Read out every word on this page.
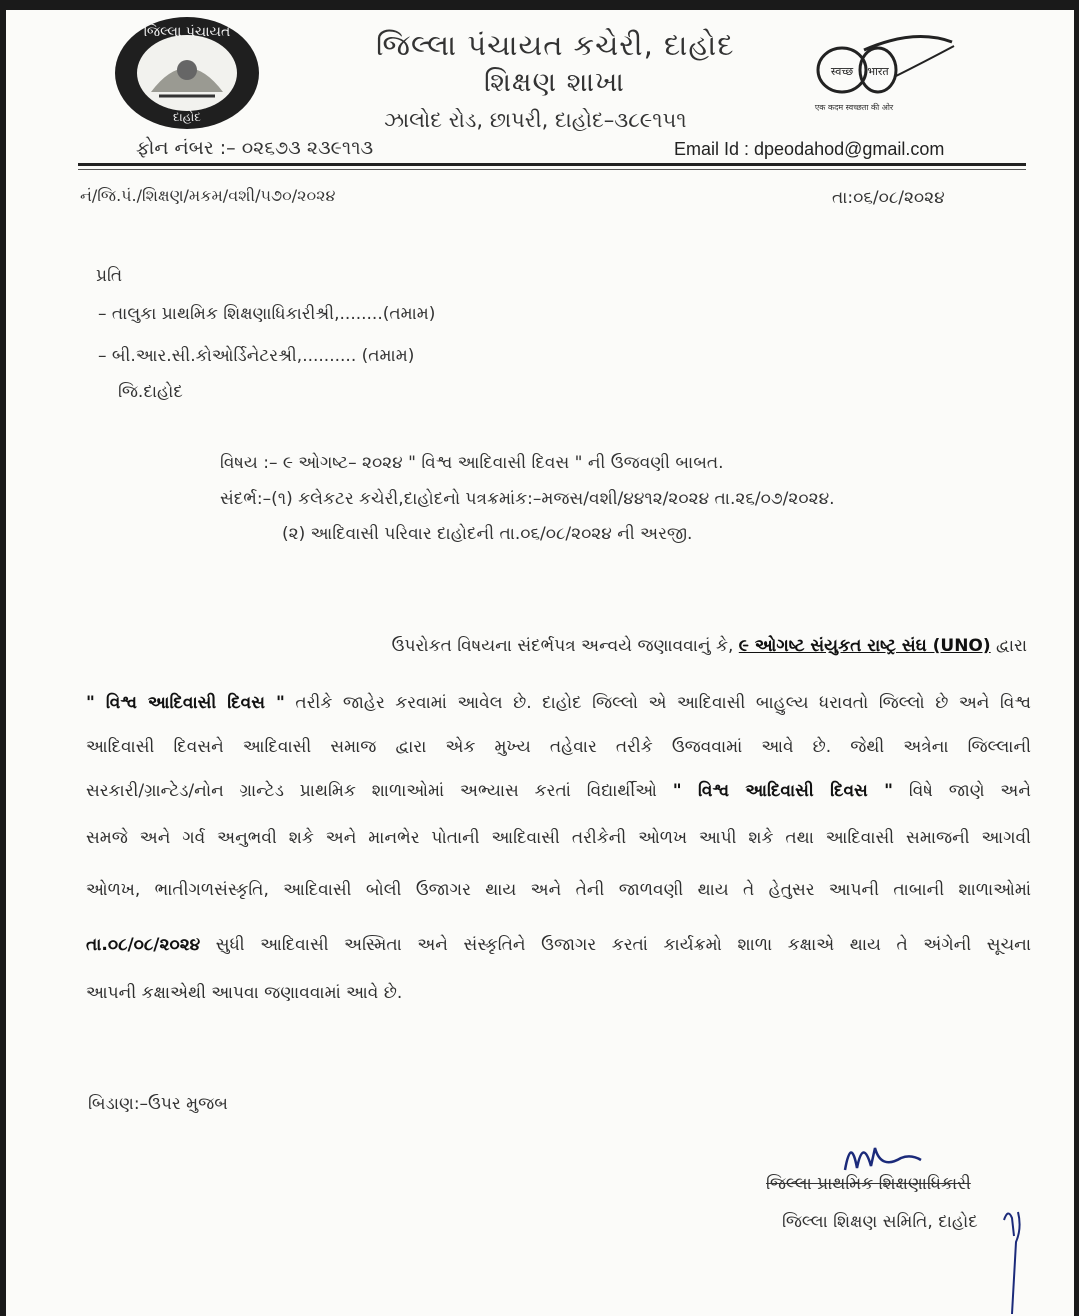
જિલ્લા પંચાયત
દાહોદ
જિલ્લા પંચાયત કચેરી, દાહોદ
શિક્ષણ શાખા
ઝાલોદ રોડ, છાપરી, દાહોદ–૩૮૯૧૫૧
स्वच्छ भारत
एक कदम स्वच्छता की ओर
ફોન નંબર :– ૦૨૬૭૩ ૨૩૯૧૧૩	Email Id : dpeodahod@gmail.com
નં/જિ.પં./શિક્ષણ/મકમ/વશી/૫૭૦/૨૦૨૪	તા:૦૬/૦૮/૨૦૨૪
પ્રતિ
– તાલુકા પ્રાથમિક શિક્ષણાધિકારીશ્રી,........(તમામ)
– બી.આર.સી.કોઓર્ડિનેટરશ્રી,.......... (તમામ)
જિ.દાહોદ
વિષય :– ૯ ઓગષ્ટ– ૨૦૨૪ " વિશ્વ આદિવાસી દિવસ " ની ઉજવણી બાબત.
સંદર્ભ:–(૧) કલેકટર કચેરી,દાહોદનો પત્રક્રમાંક:–મજસ/વશી/૪૪૧૨/૨૦૨૪ તા.૨૬/૦૭/૨૦૨૪.
(૨) આદિવાસી પરિવાર દાહોદની તા.૦૬/૦૮/૨૦૨૪ ની અરજી.
ઉપરોકત વિષયના સંદર્ભપત્ર અન્વયે જણાવવાનું કે, ૯ ઓગષ્ટ સંયુકત રાષ્ટ્ર સંઘ (UNO) દ્વારા
" વિશ્વ આદિવાસી દિવસ " તરીકે જાહેર કરવામાં આવેલ છે. દાહોદ જિલ્લો એ આદિવાસી બાહુલ્ય ધરાવતો જિલ્લો છે અને વિશ્વ
આદિવાસી દિવસને આદિવાસી સમાજ દ્વારા એક મુખ્ય તહેવાર તરીકે ઉજવવામાં આવે છે. જેથી અત્રેના જિલ્લાની
સરકારી/ગ્રાન્ટેડ/નોન ગ્રાન્ટેડ પ્રાથમિક શાળાઓમાં અભ્યાસ કરતાં વિદ્યાર્થીઓ " વિશ્વ આદિવાસી દિવસ " વિષે જાણે અને
સમજે અને ગર્વ અનુભવી શકે અને માનભેર પોતાની આદિવાસી તરીકેની ઓળખ આપી શકે તથા આદિવાસી સમાજની આગવી
ઓળખ, ભાતીગળસંસ્કૃતિ, આદિવાસી બોલી ઉજાગર થાય અને તેની જાળવણી થાય તે હેતુસર આપની તાબાની શાળાઓમાં
તા.૦૮/૦૮/૨૦૨૪ સુધી આદિવાસી અસ્મિતા અને સંસ્કૃતિને ઉજાગર કરતાં કાર્યક્રમો શાળા કક્ષાએ થાય તે અંગેની સૂચના
આપની કક્ષાએથી આપવા જણાવવામાં આવે છે.
બિડાણ:–ઉપર મુજબ
જિલ્લા પ્રાથમિક શિક્ષણાધિકારી
જિલ્લા શિક્ષણ સમિતિ, દાહોદ
